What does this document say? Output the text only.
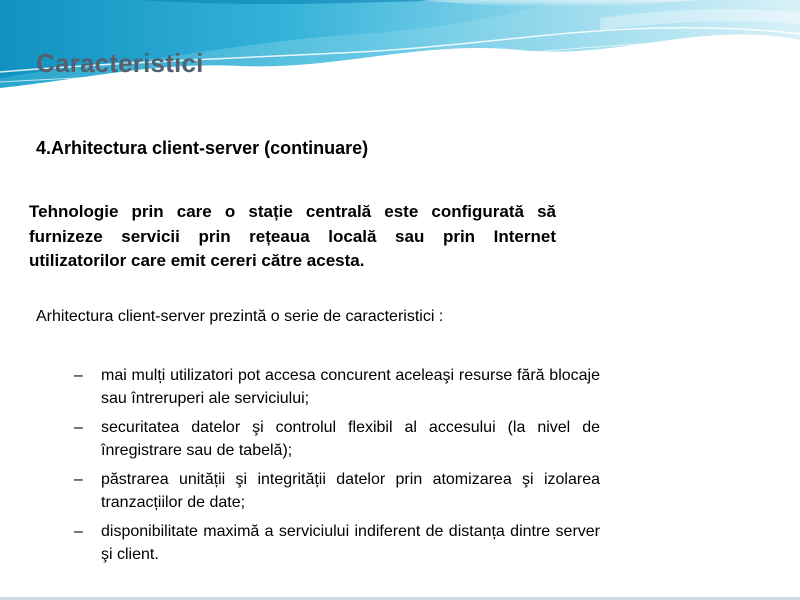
Caracteristici
4.Arhitectura client-server (continuare)
Tehnologie prin care o stație centrală este configurată să furnizeze servicii prin rețeaua locală sau prin Internet utilizatorilor care emit cereri către acesta.
Arhitectura client-server prezintă o serie de caracteristici :
– mai mulți utilizatori pot accesa concurent aceleaşi resurse fără blocaje sau întreruperi ale serviciului;
– securitatea datelor şi controlul flexibil al accesului (la nivel de înregistrare sau de tabelă);
– păstrarea unității şi integrității datelor prin atomizarea şi izolarea tranzacțiilor de date;
– disponibilitate maximă a serviciului indiferent de distanța dintre server şi client.
